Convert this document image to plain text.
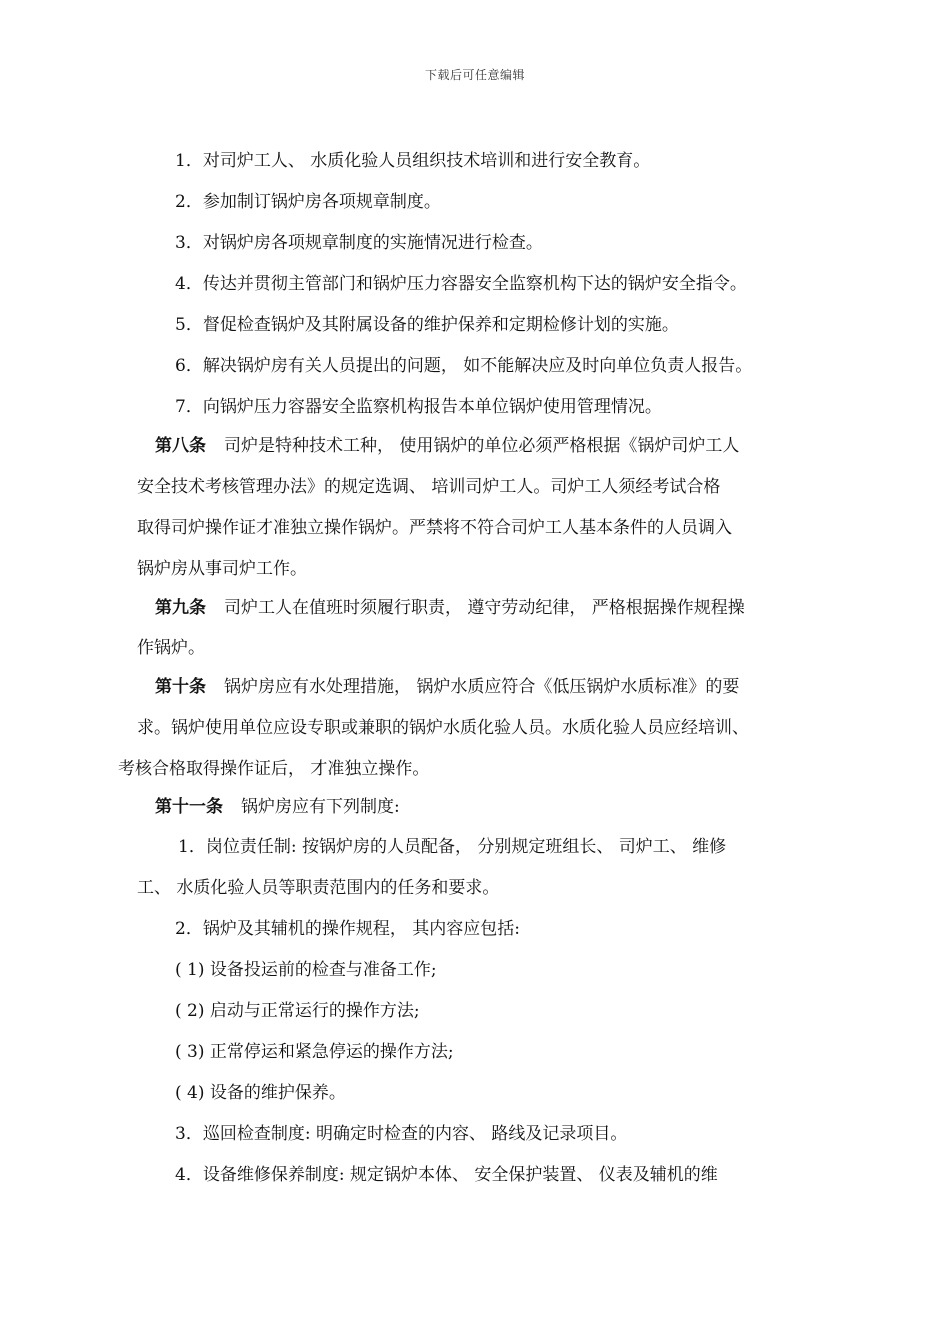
下载后可任意编辑
1．对司炉工人、 水质化验人员组织技术培训和进行安全教育。
2．参加制订锅炉房各项规章制度。
3．对锅炉房各项规章制度的实施情况进行检查。
4．传达并贯彻主管部门和锅炉压力容器安全监察机构下达的锅炉安全指令。
5．督促检查锅炉及其附属设备的维护保养和定期检修计划的实施。
6．解决锅炉房有关人员提出的问题， 如不能解决应及时向单位负责人报告。
7．向锅炉压力容器安全监察机构报告本单位锅炉使用管理情况。
第八条 司炉是特种技术工种， 使用锅炉的单位必须严格根据《锅炉司炉工人
安全技术考核管理办法》的规定选调、 培训司炉工人。司炉工人须经考试合格
取得司炉操作证才准独立操作锅炉。严禁将不符合司炉工人基本条件的人员调入
锅炉房从事司炉工作。
第九条 司炉工人在值班时须履行职责， 遵守劳动纪律， 严格根据操作规程操
作锅炉。
第十条 锅炉房应有水处理措施， 锅炉水质应符合《低压锅炉水质标准》的要
求。锅炉使用单位应设专职或兼职的锅炉水质化验人员。水质化验人员应经培训、
考核合格取得操作证后， 才准独立操作。
第十一条 锅炉房应有下列制度:
1．岗位责任制: 按锅炉房的人员配备， 分别规定班组长、 司炉工、 维修
工、 水质化验人员等职责范围内的任务和要求。
2．锅炉及其辅机的操作规程， 其内容应包括:
( 1) 设备投运前的检查与准备工作;
( 2) 启动与正常运行的操作方法;
( 3) 正常停运和紧急停运的操作方法;
( 4) 设备的维护保养。
3．巡回检查制度: 明确定时检查的内容、 路线及记录项目。
4．设备维修保养制度: 规定锅炉本体、 安全保护装置、 仪表及辅机的维
